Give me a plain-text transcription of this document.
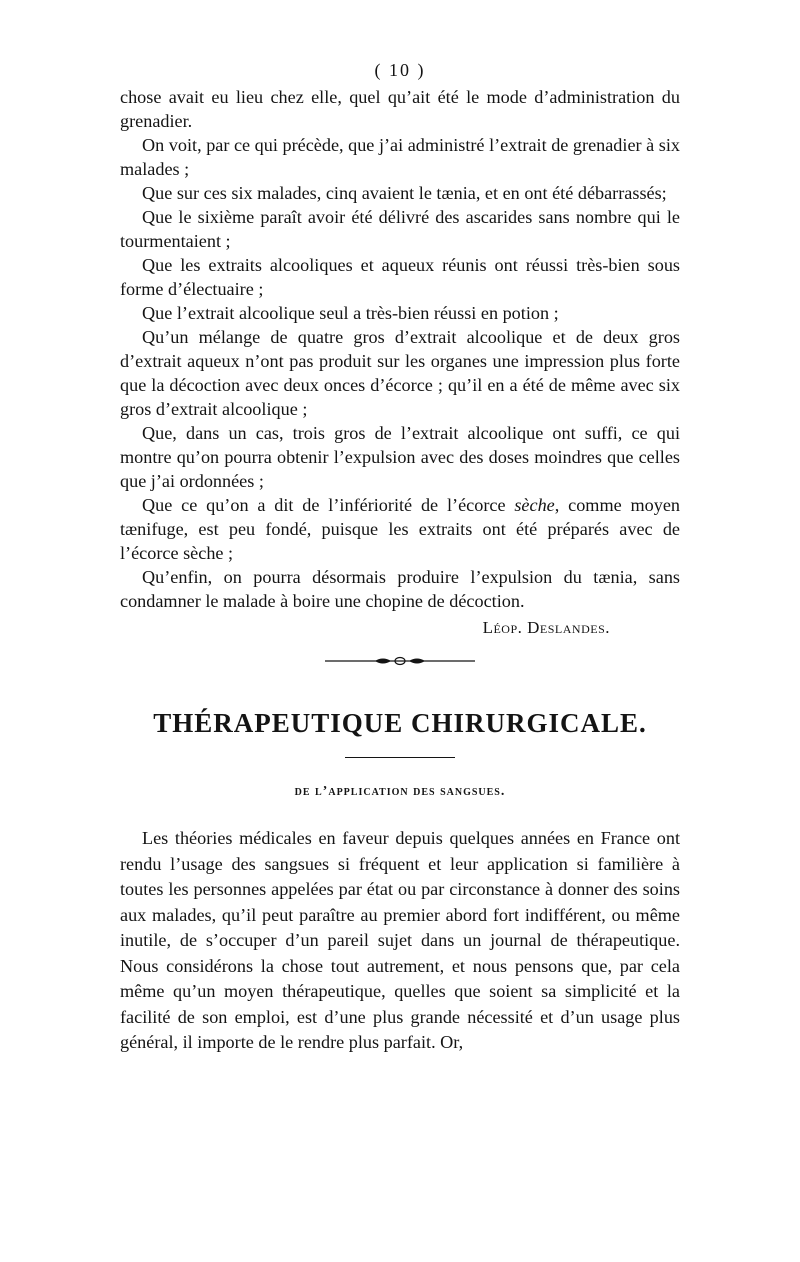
( 10 )

chose avait eu lieu chez elle, quel qu’ait été le mode d’administration du grenadier.

On voit, par ce qui précède, que j’ai administré l’extrait de grenadier à six malades ;

Que sur ces six malades, cinq avaient le tænia, et en ont été débarrassés;

Que le sixième paraît avoir été délivré des ascarides sans nombre qui le tourmentaient ;

Que les extraits alcooliques et aqueux réunis ont réussi très-bien sous forme d’électuaire ;

Que l’extrait alcoolique seul a très-bien réussi en potion ;

Qu’un mélange de quatre gros d’extrait alcoolique et de deux gros d’extrait aqueux n’ont pas produit sur les organes une impression plus forte que la décoction avec deux onces d’écorce ; qu’il en a été de même avec six gros d’extrait alcoolique ;

Que, dans un cas, trois gros de l’extrait alcoolique ont suffi, ce qui montre qu’on pourra obtenir l’expulsion avec des doses moindres que celles que j’ai ordonnées ;

Que ce qu’on a dit de l’infériorité de l’écorce sèche, comme moyen tænifuge, est peu fondé, puisque les extraits ont été préparés avec de l’écorce sèche ;

Qu’enfin, on pourra désormais produire l’expulsion du tænia, sans condamner le malade à boire une chopine de décoction.

Léop. Deslandes.
THÉRAPEUTIQUE CHIRURGICALE.
de l’application des sangsues.

Les théories médicales en faveur depuis quelques années en France ont rendu l’usage des sangsues si fréquent et leur application si familière à toutes les personnes appelées par état ou par circonstance à donner des soins aux malades, qu’il peut paraître au premier abord fort indifférent, ou même inutile, de s’occuper d’un pareil sujet dans un journal de thérapeutique. Nous considérons la chose tout autrement, et nous pensons que, par cela même qu’un moyen thérapeutique, quelles que soient sa simplicité et la facilité de son emploi, est d’une plus grande nécessité et d’un usage plus général, il importe de le rendre plus parfait. Or,
